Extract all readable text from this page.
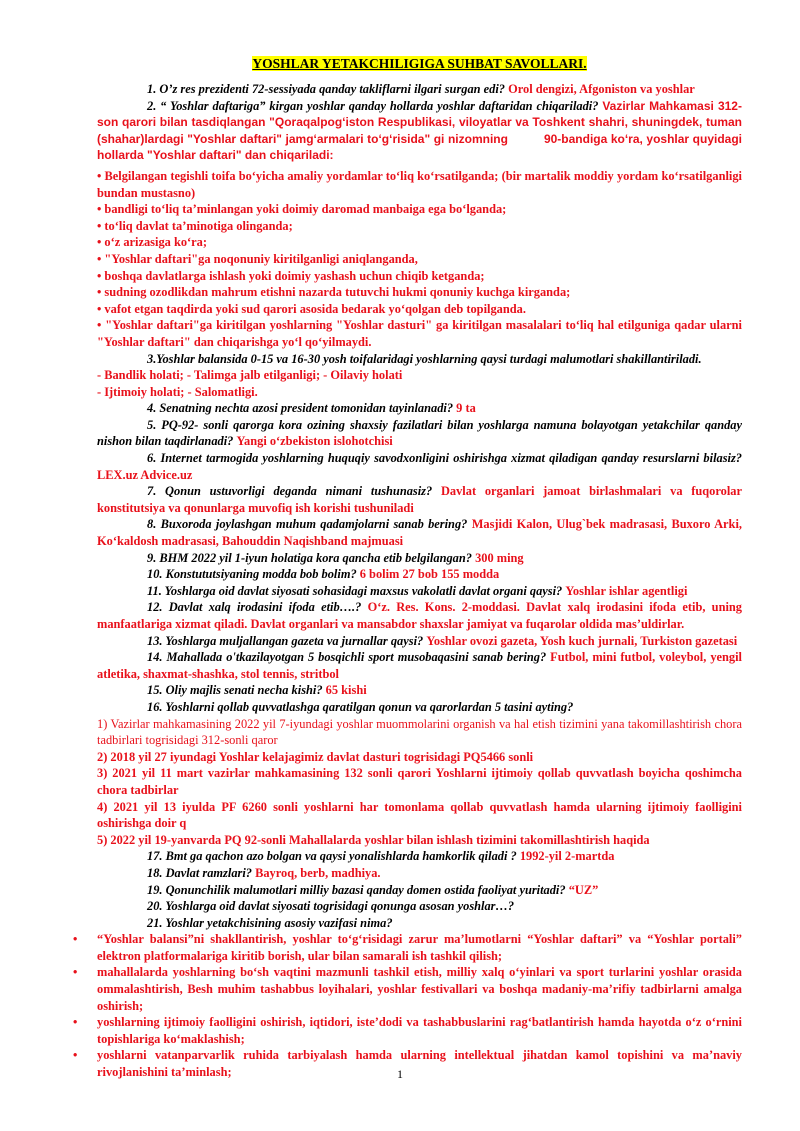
YOSHLAR YETAKCHILIGIGA SUHBAT SAVOLLARI.

1. O’z res prezidenti 72-sessiyada qanday takliflarni ilgari surgan edi? Orol dengizi, Afgoniston va yoshlar

2. “ Yoshlar daftariga” kirgan yoshlar qanday hollarda yoshlar daftaridan chiqariladi? Vazirlar Mahkamasi 312-son qarori bilan tasdiqlangan "Qoraqalpog‘iston Respublikasi, viloyatlar va Toshkent shahri, shuningdek, tuman (shahar)lardagi "Yoshlar daftari" jamg‘armalari to‘g‘risida" gi nizomning	90-bandiga ko‘ra, yoshlar quyidagi hollarda "Yoshlar daftari" dan chiqariladi:

• Belgilangan tegishli toifa bo‘yicha amaliy yordamlar to‘liq ko‘rsatilganda; (bir martalik moddiy yordam ko‘rsatilganligi bundan mustasno)

• bandligi to‘liq ta’minlangan yoki doimiy daromad manbaiga ega bo‘lganda;

• to‘liq davlat ta’minotiga olinganda;

• o‘z arizasiga ko‘ra;

• "Yoshlar daftari"ga noqonuniy kiritilganligi aniqlanganda,

• boshqa davlatlarga ishlash yoki doimiy yashash uchun chiqib ketganda;

• sudning ozodlikdan mahrum etishni nazarda tutuvchi hukmi qonuniy kuchga kirganda;

• vafot etgan taqdirda yoki sud qarori asosida bedarak yo‘qolgan deb topilganda.

• "Yoshlar daftari"ga kiritilgan yoshlarning "Yoshlar dasturi" ga kiritilgan masalalari to‘liq hal etilguniga qadar ularni "Yoshlar daftari" dan chiqarishga yo‘l qo‘yilmaydi.

3.Yoshlar balansida 0-15 va 16-30 yosh toifalaridagi yoshlarning qaysi turdagi malumotlari shakillantiriladi.

- Bandlik holati; - Talimga jalb etilganligi; - Oilaviy holati

- Ijtimoiy holati; - Salomatligi.

4. Senatning nechta azosi president tomonidan tayinlanadi? 9 ta

5. PQ-92- sonli qarorga kora ozining shaxsiy fazilatlari bilan yoshlarga namuna bolayotgan yetakchilar qanday nishon bilan taqdirlanadi? Yangi o‘zbekiston islohotchisi

6. Internet tarmogida yoshlarning huquqiy savodxonligini oshirishga xizmat qiladigan qanday resurslarni bilasiz? LEX.uz Advice.uz

7. Qonun ustuvorligi deganda nimani tushunasiz? Davlat organlari jamoat birlashmalari va fuqorolar konstitutsiya va qonunlarga muvofiq ish korishi tushuniladi

8. Buxoroda joylashgan muhum qadamjolarni sanab bering? Masjidi Kalon, Ulug`bek madrasasi, Buxoro Arki, Ko‘kaldosh madrasasi, Bahouddin Naqishband majmuasi

9. BHM 2022 yil 1-iyun holatiga kora qancha etib belgilangan? 300 ming

10. Konstututsiyaning modda bob bolim? 6 bolim 27 bob 155 modda

11. Yoshlarga oid davlat siyosati sohasidagi maxsus vakolatli davlat organi qaysi? Yoshlar ishlar agentligi

12. Davlat xalq irodasini ifoda etib….? O‘z. Res. Kons. 2-moddasi. Davlat xalq irodasini ifoda etib, uning manfaatlariga xizmat qiladi. Davlat organlari va mansabdor shaxslar jamiyat va fuqarolar oldida mas’uldirlar.

13. Yoshlarga muljallangan gazeta va jurnallar qaysi? Yoshlar ovozi gazeta, Yosh kuch jurnali, Turkiston gazetasi

14. Mahallada o'tkazilayotgan 5 bosqichli sport musobaqasini sanab bering? Futbol, mini futbol, voleybol, yengil atletika, shaxmat-shashka, stol tennis, stritbol

15. Oliy majlis senati necha kishi? 65 kishi

16. Yoshlarni qollab quvvatlashga qaratilgan qonun va qarorlardan 5 tasini ayting?

1) Vazirlar mahkamasining 2022 yil 7-iyundagi yoshlar muommolarini organish va hal etish tizimini yana takomillashtirish chora tadbirlari togrisidagi 312-sonli qaror

2) 2018 yil 27 iyundagi Yoshlar kelajagimiz davlat dasturi togrisidagi PQ5466 sonli

3) 2021 yil 11 mart vazirlar mahkamasining 132 sonli qarori Yoshlarni ijtimoiy qollab quvvatlash boyicha qoshimcha chora tadbirlar

4) 2021 yil 13 iyulda PF 6260 sonli yoshlarni har tomonlama qollab quvvatlash hamda ularning ijtimoiy faolligini oshirishga doir q

5) 2022 yil 19-yanvarda PQ 92-sonli Mahallalarda yoshlar bilan ishlash tizimini takomillashtirish haqida

17. Bmt ga qachon azo bolgan va qaysi yonalishlarda hamkorlik qiladi ? 1992-yil 2-martda

18. Davlat ramzlari? Bayroq, berb, madhiya.

19. Qonunchilik malumotlari milliy bazasi qanday domen ostida faoliyat yuritadi? “UZ”

20. Yoshlarga oid davlat siyosati togrisidagi qonunga asosan yoshlar…?

21. Yoshlar yetakchisining asosiy vazifasi nima?

• “Yoshlar balansi”ni shakllantirish, yoshlar to‘g‘risidagi zarur ma’lumotlarni “Yoshlar daftari” va “Yoshlar portali” elektron platformalariga kiritib borish, ular bilan samarali ish tashkil qilish;
• mahallalarda yoshlarning bo‘sh vaqtini mazmunli tashkil etish, milliy xalq o‘yinlari va sport turlarini yoshlar orasida ommalashtirish, Besh muhim tashabbus loyihalari, yoshlar festivallari va boshqa madaniy-ma’rifiy tadbirlarni amalga oshirish;
• yoshlarning ijtimoiy faolligini oshirish, iqtidori, iste’dodi va tashabbuslarini rag‘batlantirish hamda hayotda o‘z o‘rnini topishlariga ko‘maklashish;
• yoshlarni vatanparvarlik ruhida tarbiyalash hamda ularning intellektual jihatdan kamol topishini va ma’naviy rivojlanishini ta’minlash;	1
